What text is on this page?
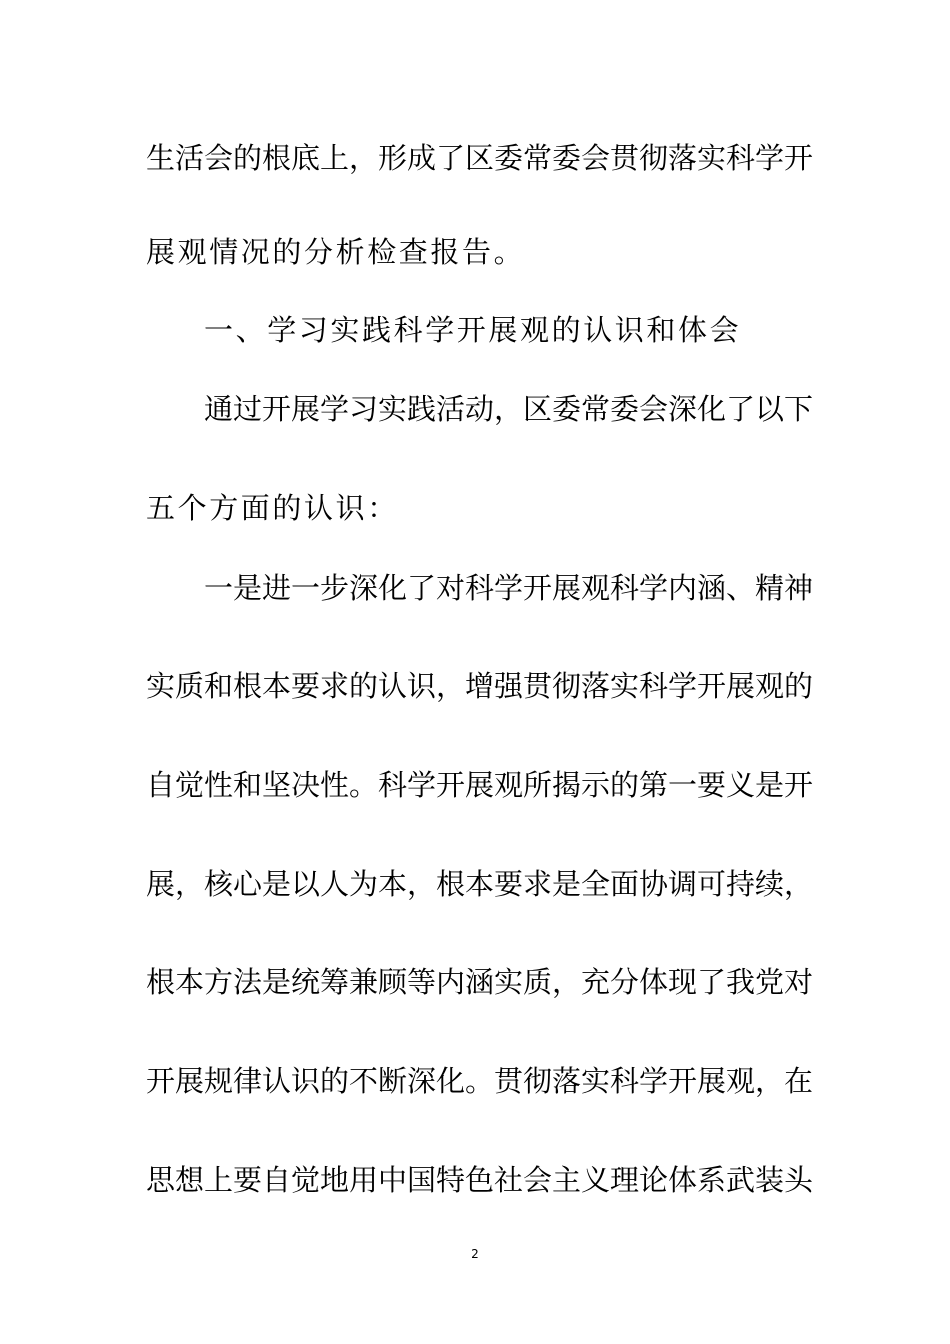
生活会的根底上，形成了区委常委会贯彻落实科学开
展观情况的分析检查报告。
一、学习实践科学开展观的认识和体会
通过开展学习实践活动，区委常委会深化了以下
五个方面的认识：
一是进一步深化了对科学开展观科学内涵、精神
实质和根本要求的认识，增强贯彻落实科学开展观的
自觉性和坚决性。科学开展观所揭示的第一要义是开
展，核心是以人为本，根本要求是全面协调可持续，
根本方法是统筹兼顾等内涵实质，充分体现了我党对
开展规律认识的不断深化。贯彻落实科学开展观，在
思想上要自觉地用中国特色社会主义理论体系武装头
2
